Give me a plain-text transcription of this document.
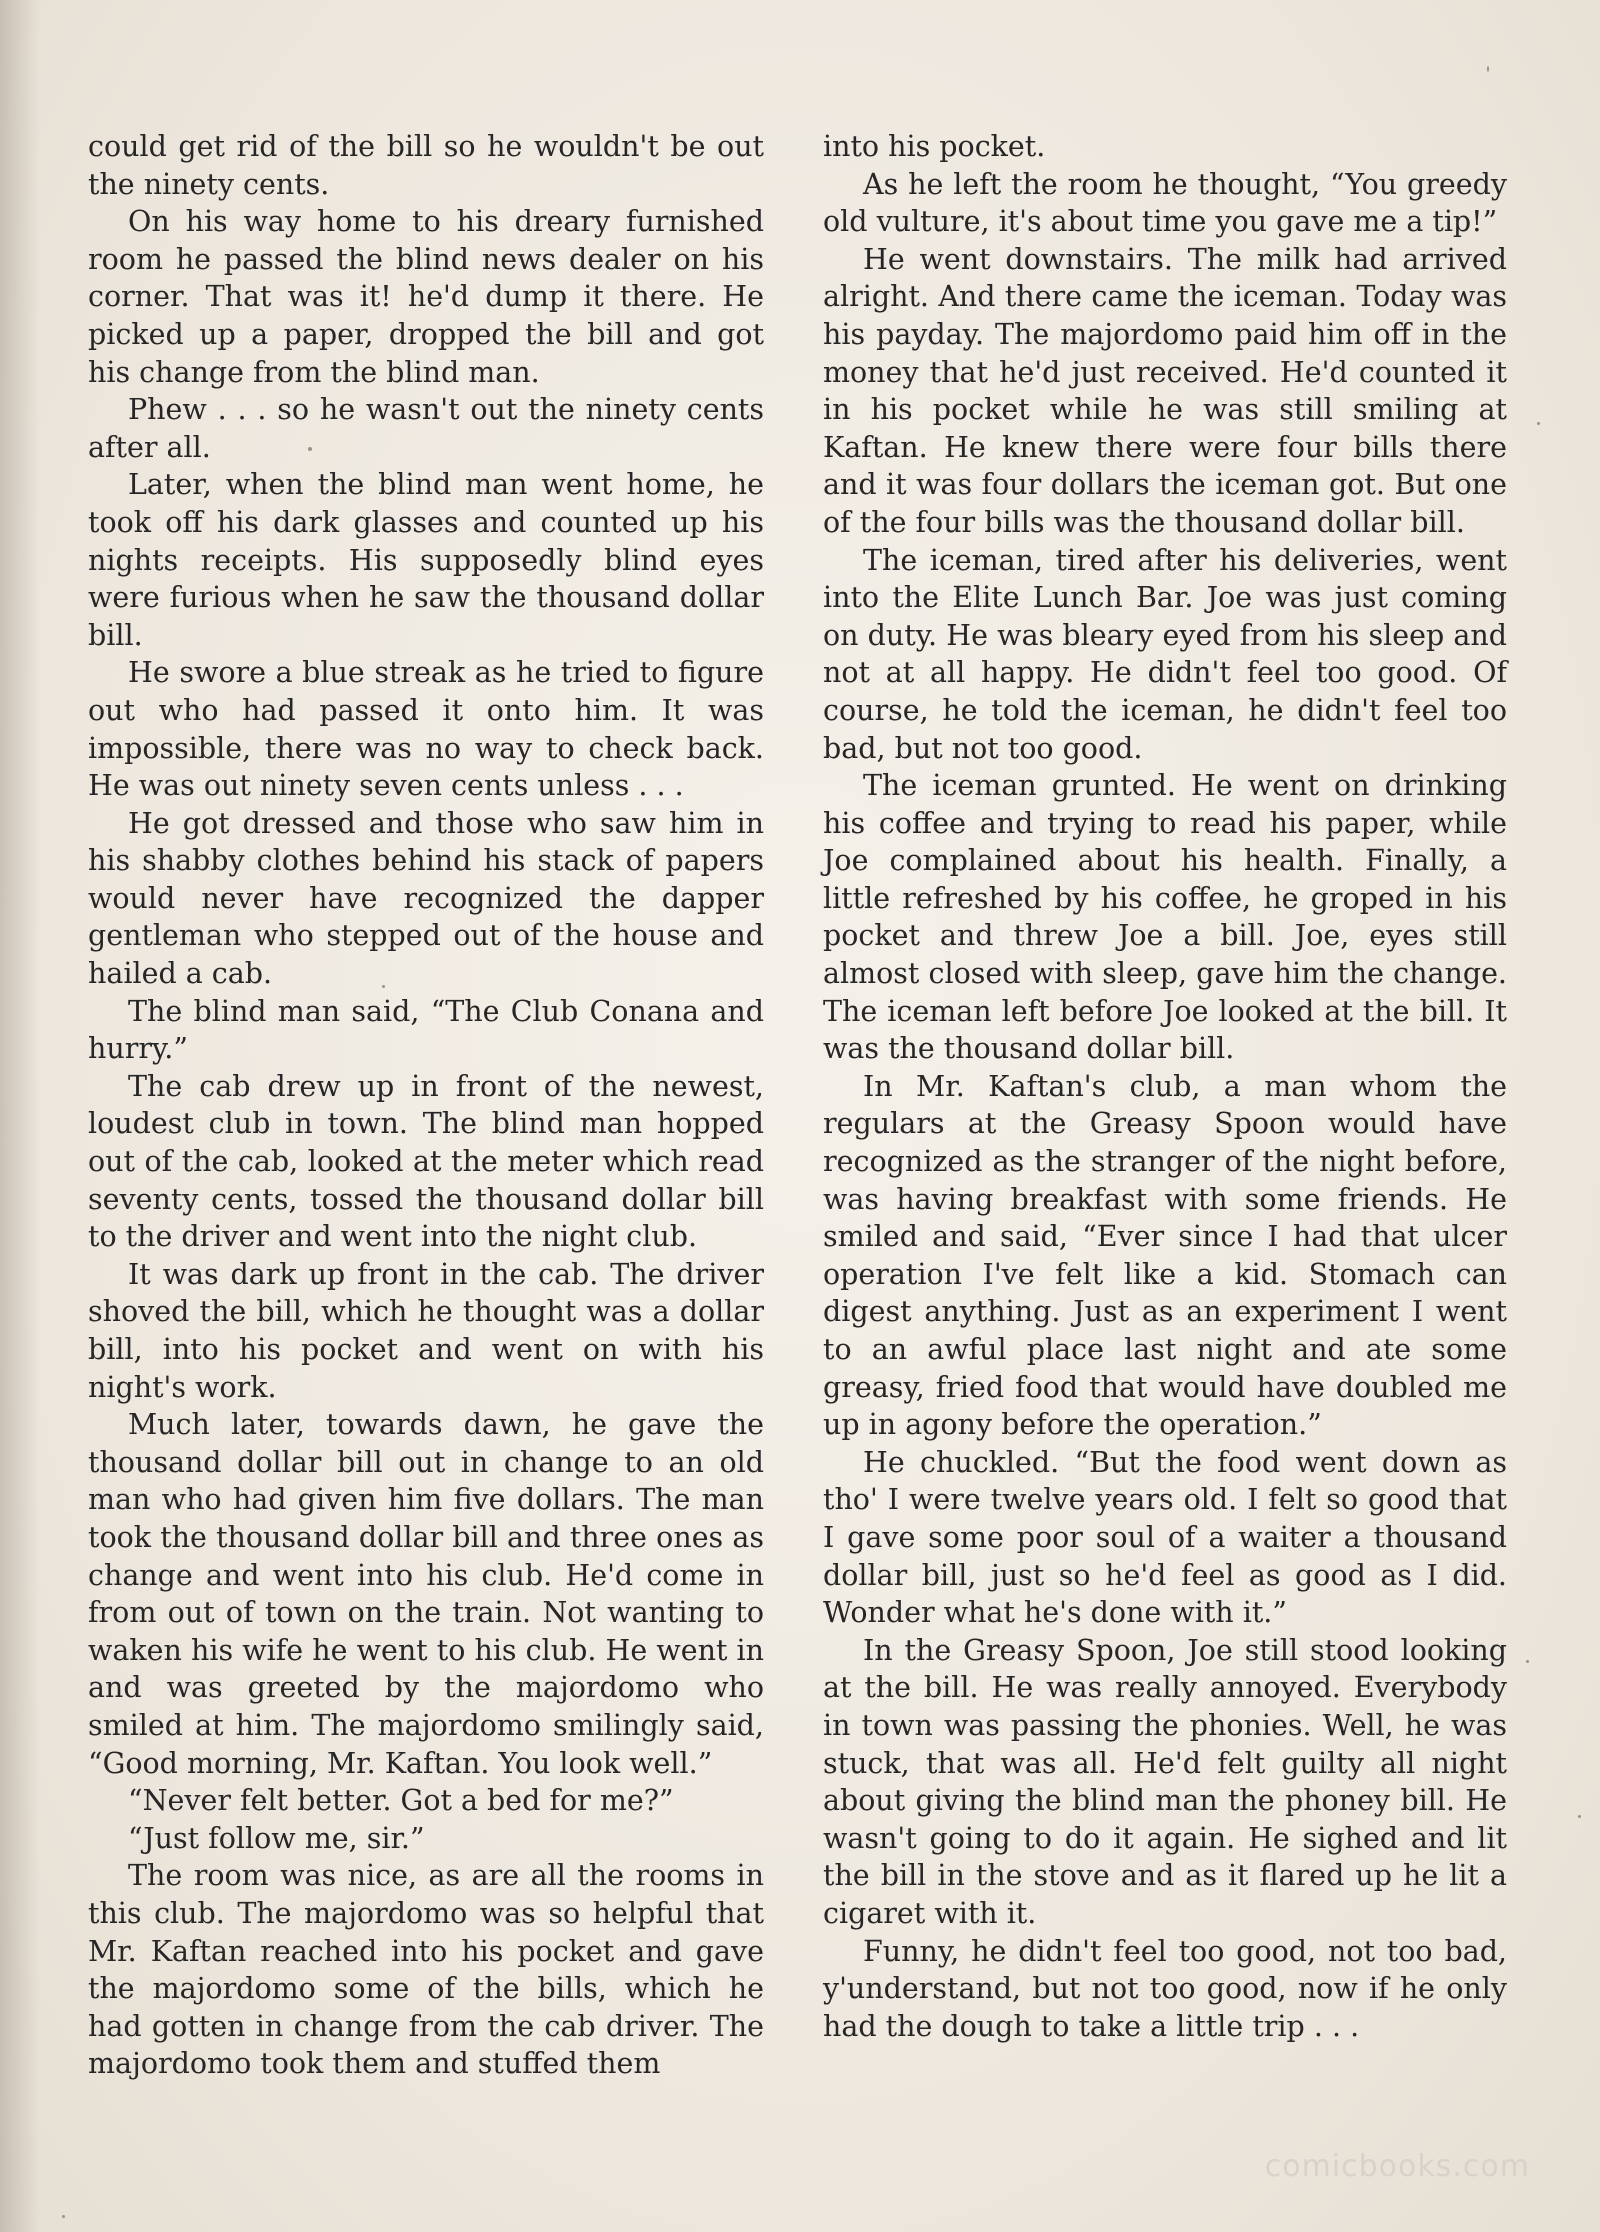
could get rid of the bill so he wouldn't be out the ninety cents.

On his way home to his dreary furnished room he passed the blind news dealer on his corner. That was it! he'd dump it there. He picked up a paper, dropped the bill and got his change from the blind man.

Phew . . . so he wasn't out the ninety cents after all.

Later, when the blind man went home, he took off his dark glasses and counted up his nights receipts. His supposedly blind eyes were furious when he saw the thousand dollar bill.

He swore a blue streak as he tried to figure out who had passed it onto him. It was impossible, there was no way to check back. He was out ninety seven cents unless . . .

He got dressed and those who saw him in his shabby clothes behind his stack of papers would never have recognized the dapper gentleman who stepped out of the house and hailed a cab.

The blind man said, “The Club Conana and hurry.”

The cab drew up in front of the newest, loudest club in town. The blind man hopped out of the cab, looked at the meter which read seventy cents, tossed the thousand dollar bill to the driver and went into the night club.

It was dark up front in the cab. The driver shoved the bill, which he thought was a dollar bill, into his pocket and went on with his night's work.

Much later, towards dawn, he gave the thousand dollar bill out in change to an old man who had given him five dollars. The man took the thousand dollar bill and three ones as change and went into his club. He'd come in from out of town on the train. Not wanting to waken his wife he went to his club. He went in and was greeted by the majordomo who smiled at him. The majordomo smilingly said, “Good morning, Mr. Kaftan. You look well.”

“Never felt better. Got a bed for me?”

“Just follow me, sir.”

The room was nice, as are all the rooms in this club. The majordomo was so helpful that Mr. Kaftan reached into his pocket and gave the majordomo some of the bills, which he had gotten in change from the cab driver. The majordomo took them and stuffed them

into his pocket.

As he left the room he thought, “You greedy old vulture, it's about time you gave me a tip!”

He went downstairs. The milk had arrived alright. And there came the iceman. Today was his payday. The majordomo paid him off in the money that he'd just received. He'd counted it in his pocket while he was still smiling at Kaftan. He knew there were four bills there and it was four dollars the iceman got. But one of the four bills was the thousand dollar bill.

The iceman, tired after his deliveries, went into the Elite Lunch Bar. Joe was just coming on duty. He was bleary eyed from his sleep and not at all happy. He didn't feel too good. Of course, he told the iceman, he didn't feel too bad, but not too good.

The iceman grunted. He went on drinking his coffee and trying to read his paper, while Joe complained about his health. Finally, a little refreshed by his coffee, he groped in his pocket and threw Joe a bill. Joe, eyes still almost closed with sleep, gave him the change. The iceman left before Joe looked at the bill. It was the thousand dollar bill.

In Mr. Kaftan's club, a man whom the regulars at the Greasy Spoon would have recognized as the stranger of the night before, was having breakfast with some friends. He smiled and said, “Ever since I had that ulcer operation I've felt like a kid. Stomach can digest anything. Just as an experiment I went to an awful place last night and ate some greasy, fried food that would have doubled me up in agony before the operation.”

He chuckled. “But the food went down as tho' I were twelve years old. I felt so good that I gave some poor soul of a waiter a thousand dollar bill, just so he'd feel as good as I did. Wonder what he's done with it.”

In the Greasy Spoon, Joe still stood looking at the bill. He was really annoyed. Everybody in town was passing the phonies. Well, he was stuck, that was all. He'd felt guilty all night about giving the blind man the phoney bill. He wasn't going to do it again. He sighed and lit the bill in the stove and as it flared up he lit a cigaret with it.

Funny, he didn't feel too good, not too bad, y'understand, but not too good, now if he only had the dough to take a little trip . . .

comicbooks.com
